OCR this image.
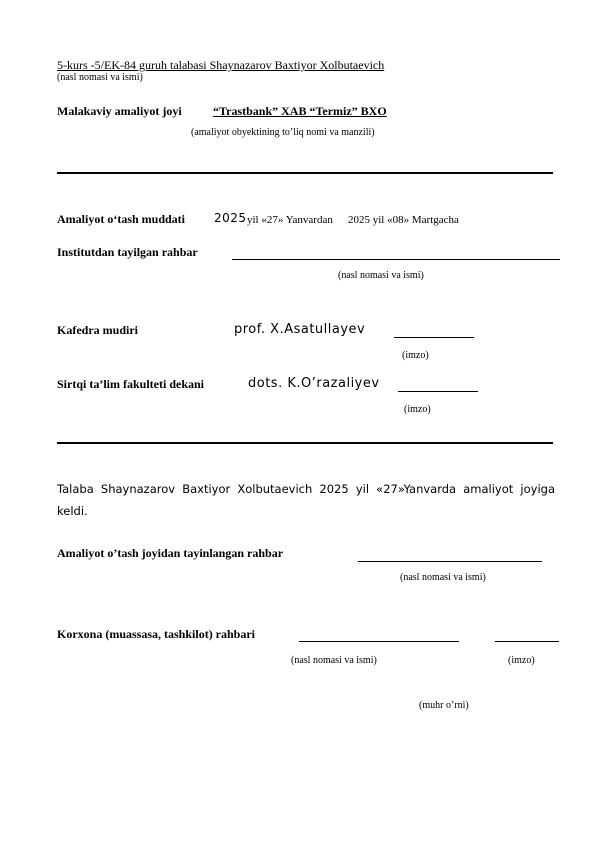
5-kurs -5/EK-84 guruh talabasi Shaynazarov Baxtiyor Xolbutaevich
(nasl nomasi va ismi)
Malakaviy amaliyot joyi	“Trastbank” XAB “Termiz” BXO
(amaliyot obyektining to’liq nomi va manzili)
Amaliyot o‘tash muddati 2025 yil «27» Yanvardan 2025 yil «08» Martgacha
Institutdan tayilgan rahbar
(nasl nomasi va ismi)
Kafedra mudiri	prof. X.Asatullayev
(imzo)
Sirtqi ta’lim fakulteti dekani	dots. K.O’razaliyev
(imzo)
Talaba Shaynazarov Baxtiyor Xolbutaevich 2025 yil «27»Yanvarda amaliyot joyiga keldi.
Amaliyot o’tash joyidan tayinlangan rahbar
(nasl nomasi va ismi)
Korxona (muassasa, tashkilot) rahbari
(nasl nomasi va ismi)	(imzo)
(muhr o’rni)
